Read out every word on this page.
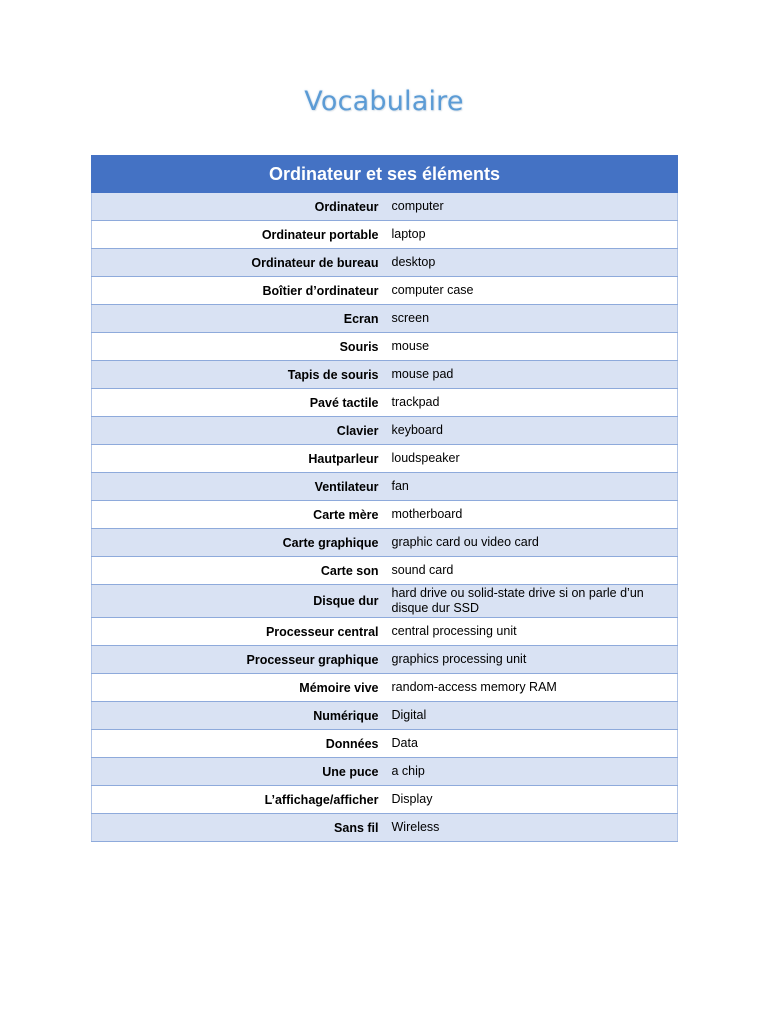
Vocabulaire
Ordinateur et ses éléments	
Ordinateur	computer
Ordinateur portable	laptop
Ordinateur de bureau	desktop
Boîtier d’ordinateur	computer case
Ecran	screen
Souris	mouse
Tapis de souris	mouse pad
Pavé tactile	trackpad
Clavier	keyboard
Hautparleur	loudspeaker
Ventilateur	fan
Carte mère	motherboard
Carte graphique	graphic card ou video card
Carte son	sound card
Disque dur	hard drive ou solid-state drive si on parle d’un disque dur SSD
Processeur central	central processing unit
Processeur graphique	graphics processing unit
Mémoire vive	random-access memory RAM
Numérique	Digital
Données	Data
Une puce	a chip
L’affichage/afficher	Display
Sans fil	Wireless
